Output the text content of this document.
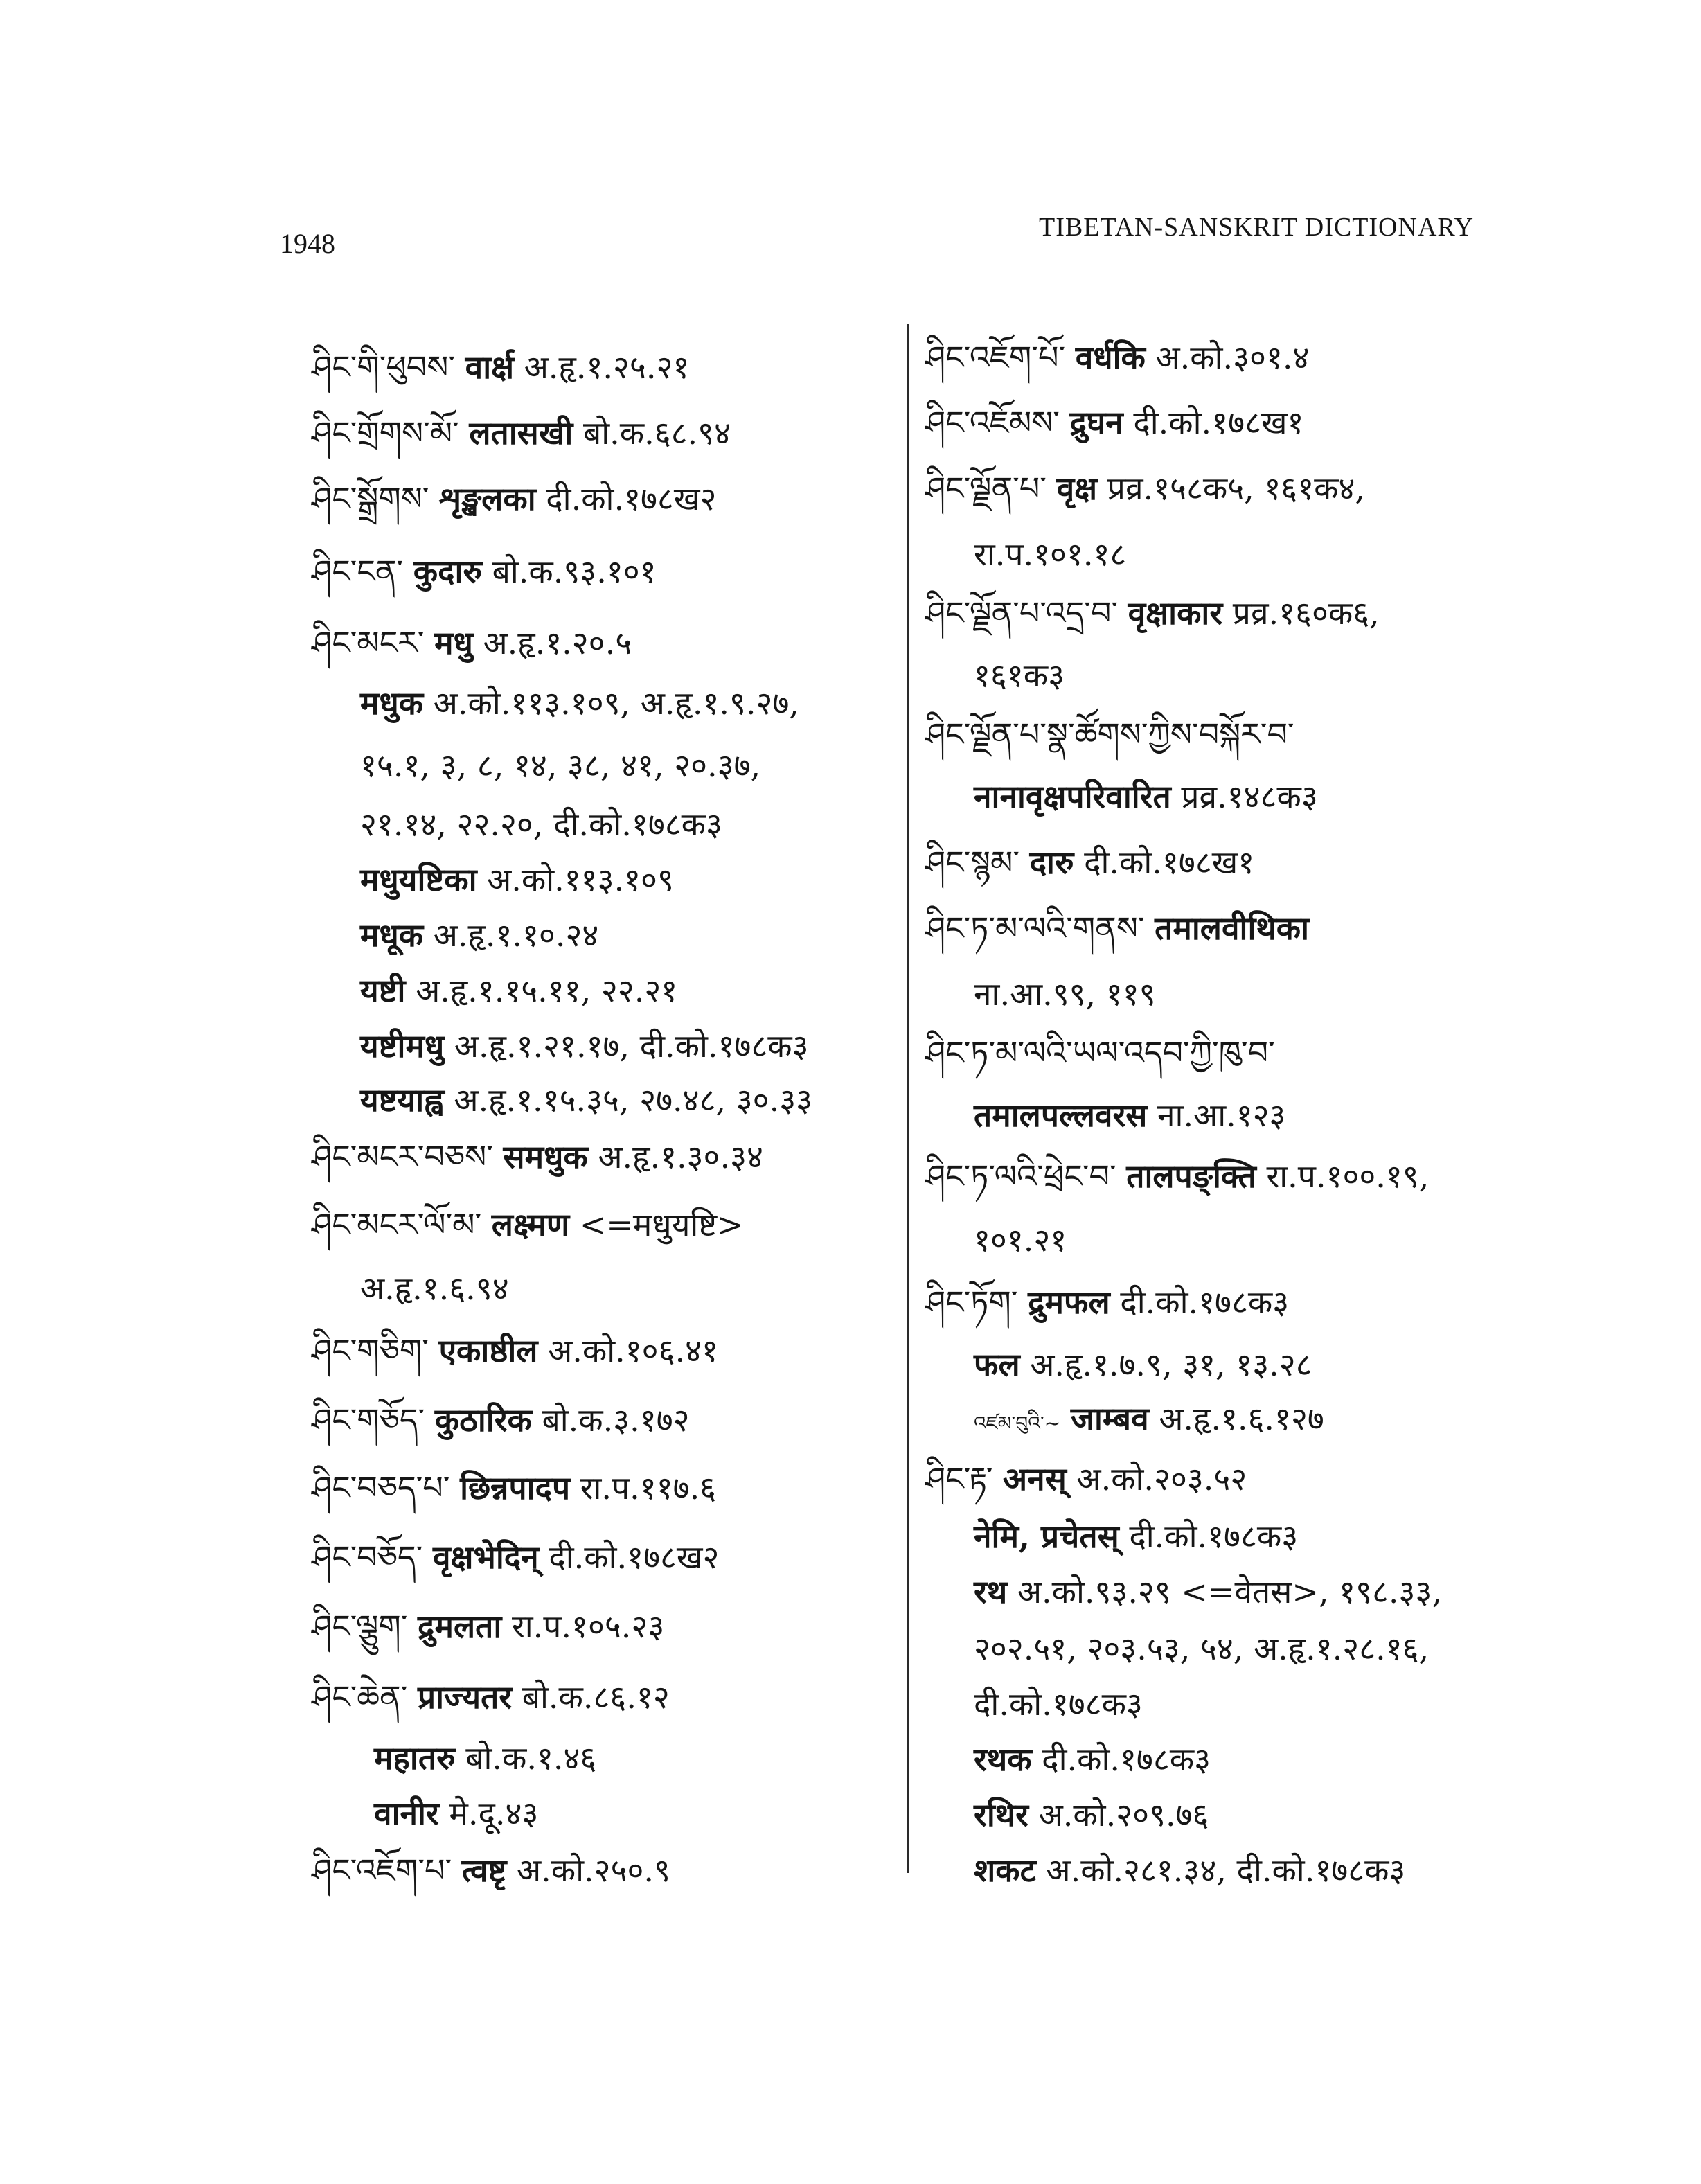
1948
TIBETAN-SANSKRIT DICTIONARY
ཤིང་གི་ཕུབས་ वार्क्ष अ.हृ.१.२५.२१
ཤིང་གྲོགས་མོ་ लतासखी बो.क.६८.९४
ཤིང་སྒྲོགས་ शृङ्खलका दी.को.१७८ख२
ཤིང་ངན་ कुदारु बो.क.९३.१०१
ཤིང་མངར་ मधु अ.हृ.१.२०.५
मधुक अ.को.११३.१०९, अ.हृ.१.९.२७,
१५.१, ३, ८, १४, ३८, ४१, २०.३७,
२१.१४, २२.२०, दी.को.१७८क३
मधुयष्टिका अ.को.११३.१०९
मधूक अ.हृ.१.१०.२४
यष्टी अ.हृ.१.१५.११, २२.२१
यष्टीमधु अ.हृ.१.२१.१७, दी.को.१७८क३
यष्टयाह्व अ.हृ.१.१५.३५, २७.४८, ३०.३३
ཤིང་མངར་བཅས་ समधुक अ.हृ.१.३०.३४
ཤིང་མངར་ལོ་མ་ लक्ष्मण <=मधुयष्टि>
अ.हृ.१.६.९४
ཤིང་གཅིག་ एकाष्ठील अ.को.१०६.४१
ཤིང་གཅོད་ कुठारिक बो.क.३.१७२
ཤིང་བཅད་པ་ छिन्नपादप रा.प.११७.६
ཤིང་བཅོད་ वृक्षभेदिन् दी.को.१७८ख२
ཤིང་ལྕུག་ द्रुमलता रा.प.१०५.२३
ཤིང་ཆེན་ प्राज्यतर बो.क.८६.१२
महातरु बो.क.१.४६
वानीर मे.दू.४३
ཤིང་འཇོག་པ་ त्वष्टृ अ.को.२५०.९
ཤིང་འཇོག་པོ་ वर्धकि अ.को.३०१.४
ཤིང་འཇོམས་ द्रुघन दी.को.१७८ख१
ཤིང་ལྗོན་པ་ वृक्ष प्रव्र.१५८क५, १६१क४,
रा.प.१०१.१८
ཤིང་ལྗོན་པ་འདྲ་བ་ वृक्षाकार प्रव्र.१६०क६,
१६१क३
ཤིང་ལྗོན་པ་སྣ་ཚོགས་ཀྱིས་བསྐོར་བ་
नानावृक्षपरिवारित प्रव्र.१४८क३
ཤིང་སྙམ་ दारु दी.को.१७८ख१
ཤིང་ཏ་མ་ལའི་གནས་ तमालवीथिका
ना.आ.९९, ११९
ཤིང་ཏ་མ་ལའི་ཡལ་འདབ་ཀྱི་ཁུ་བ་
तमालपल्लवरस ना.आ.१२३
ཤིང་ཏ་ལའི་ཕྲེང་བ་ तालपङ्क्ति रा.प.१००.१९,
१०१.२१
ཤིང་ཏོག་ द्रुमफल दी.को.१७८क३
फल अ.हृ.१.७.९, ३१, १३.२८
འཛམ་བུའི་~ जाम्बव अ.हृ.१.६.१२७
ཤིང་རྟ་ अनस् अ.को.२०३.५२
नेमि, प्रचेतस् दी.को.१७८क३
रथ अ.को.९३.२९ <=वेतस>, १९८.३३,
२०२.५१, २०३.५३, ५४, अ.हृ.१.२८.१६,
दी.को.१७८क३
रथक दी.को.१७८क३
रथिर अ.को.२०९.७६
शकट अ.को.२८१.३४, दी.को.१७८क३
